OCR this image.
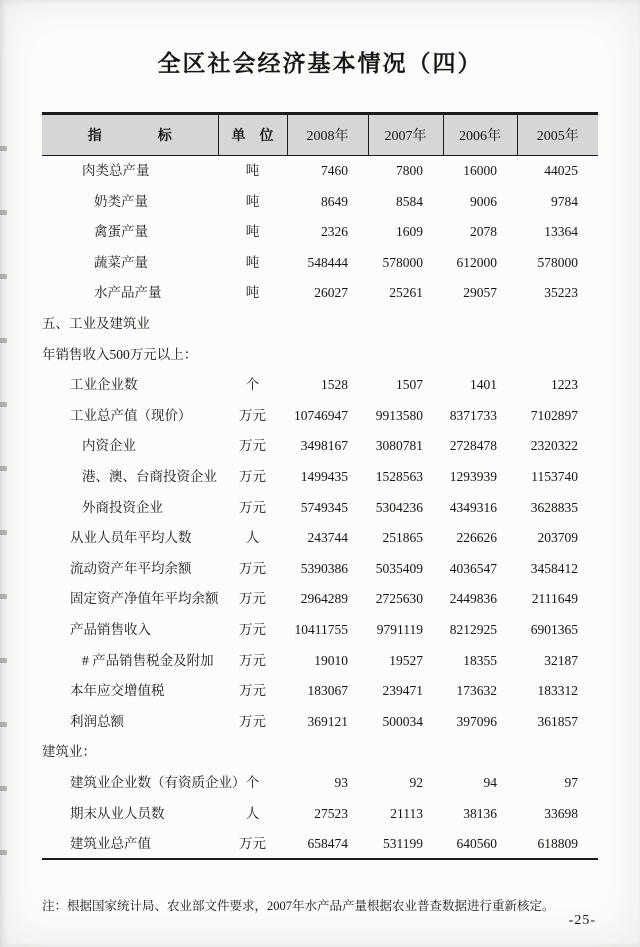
全区社会经济基本情况（四）
指　　　　标	单　位	2008年	2007年	2006年	2005年
肉类总产量	吨	7460	7800	16000	44025
奶类产量	吨	8649	8584	9006	9784
禽蛋产量	吨	2326	1609	2078	13364
蔬菜产量	吨	548444	578000	612000	578000
水产品产量	吨	26027	25261	29057	35223
五、工业及建筑业					
年销售收入500万元以上：					
工业企业数	个	1528	1507	1401	1223
工业总产值（现价）	万元	10746947	9913580	8371733	7102897
内资企业	万元	3498167	3080781	2728478	2320322
港、澳、台商投资企业	万元	1499435	1528563	1293939	1153740
外商投资企业	万元	5749345	5304236	4349316	3628835
从业人员年平均人数	人	243744	251865	226626	203709
流动资产年平均余额	万元	5390386	5035409	4036547	3458412
固定资产净值年平均余额	万元	2964289	2725630	2449836	2111649
产品销售收入	万元	10411755	9791119	8212925	6901365
# 产品销售税金及附加	万元	19010	19527	18355	32187
本年应交增值税	万元	183067	239471	173632	183312
利润总额	万元	369121	500034	397096	361857
建筑业：					
建筑业企业数（有资质企业）	个	93	92	94	97
期末从业人员数	人	27523	21113	38136	33698
建筑业总产值	万元	658474	531199	640560	618809
注：根据国家统计局、农业部文件要求，2007年水产品产量根据农业普查数据进行重新核定。
-25-
